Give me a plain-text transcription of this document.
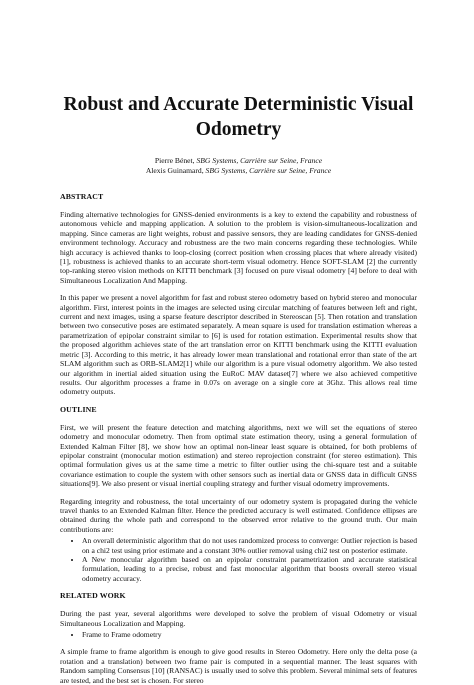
Robust and Accurate Deterministic Visual Odometry
Pierre Bénet, SBG Systems, Carrière sur Seine, France
Alexis Guinamard, SBG Systems, Carrière sur Seine, France
ABSTRACT

Finding alternative technologies for GNSS-denied environments is a key to extend the capability and robustness of autonomous vehicle and mapping application. A solution to the problem is vision-simultaneous-localization and mapping. Since cameras are light weights, robust and passive sensors, they are leading candidates for GNSS-denied environment technology. Accuracy and robustness are the two main concerns regarding these technologies. While high accuracy is achieved thanks to loop-closing (correct position when crossing places that where already visited) [1], robustness is achieved thanks to an accurate short-term visual odometry. Hence SOFT-SLAM [2] the currently top-ranking stereo vision methods on KITTI benchmark [3] focused on pure visual odometry [4] before to deal with Simultaneous Localization And Mapping.

In this paper we present a novel algorithm for fast and robust stereo odometry based on hybrid stereo and monocular algorithm. First, interest points in the images are selected using circular matching of features between left and right, current and next images, using a sparse feature descriptor described in Stereoscan [5]. Then rotation and translation between two consecutive poses are estimated separately. A mean square is used for translation estimation whereas a parametrization of epipolar constraint similar to [6] is used for rotation estimation. Experimental results show that the proposed algorithm achieves state of the art translation error on KITTI benchmark using the KITTI evaluation metric [3]. According to this metric, it has already lower mean translational and rotational error than state of the art SLAM algorithm such as ORB-SLAM2[1] while our algorithm is a pure visual odometry algorithm. We also tested our algorithm in inertial aided situation using the EuRoC MAV dataset[7] where we also achieved competitive results. Our algorithm processes a frame in 0.07s on average on a single core at 3Ghz. This allows real time odometry outputs.

OUTLINE

First, we will present the feature detection and matching algorithms, next we will set the equations of stereo odometry and monocular odometry. Then from optimal state estimation theory, using a general formulation of Extended Kalman Filter [8], we show how an optimal non-linear least square is obtained, for both problems of epipolar constraint (monocular motion estimation) and stereo reprojection constraint (for stereo estimation). This optimal formulation gives us at the same time a metric to filter outlier using the chi-square test and a suitable covariance estimation to couple the system with other sensors such as inertial data or GNSS data in difficult GNSS situations[9]. We also present or visual inertial coupling strategy and further visual odometry improvements.

Regarding integrity and robustness, the total uncertainty of our odometry system is propagated during the vehicle travel thanks to an Extended Kalman filter. Hence the predicted accuracy is well estimated. Confidence ellipses are obtained during the whole path and correspond to the observed error relative to the ground truth. Our main contributions are:

• An overall deterministic algorithm that do not uses randomized process to converge: Outlier rejection is based on a chi2 test using prior estimate and a constant 30% outlier removal using chi2 test on posterior estimate.
• A New monocular algorithm based on an epipolar constraint parametrization and accurate statistical formulation, leading to a precise, robust and fast monocular algorithm that boosts overall stereo visual odometry accuracy.
RELATED WORK

During the past year, several algorithms were developed to solve the problem of visual Odometry or visual Simultaneous Localization and Mapping.

• Frame to Frame odometry

A simple frame to frame algorithm is enough to give good results in Stereo Odometry. Here only the delta pose (a rotation and a translation) between two frame pair is computed in a sequential manner. The least squares with Random sampling Consensus [10] (RANSAC) is usually used to solve this problem. Several minimal sets of features are tested, and the best set is chosen. For stereo
